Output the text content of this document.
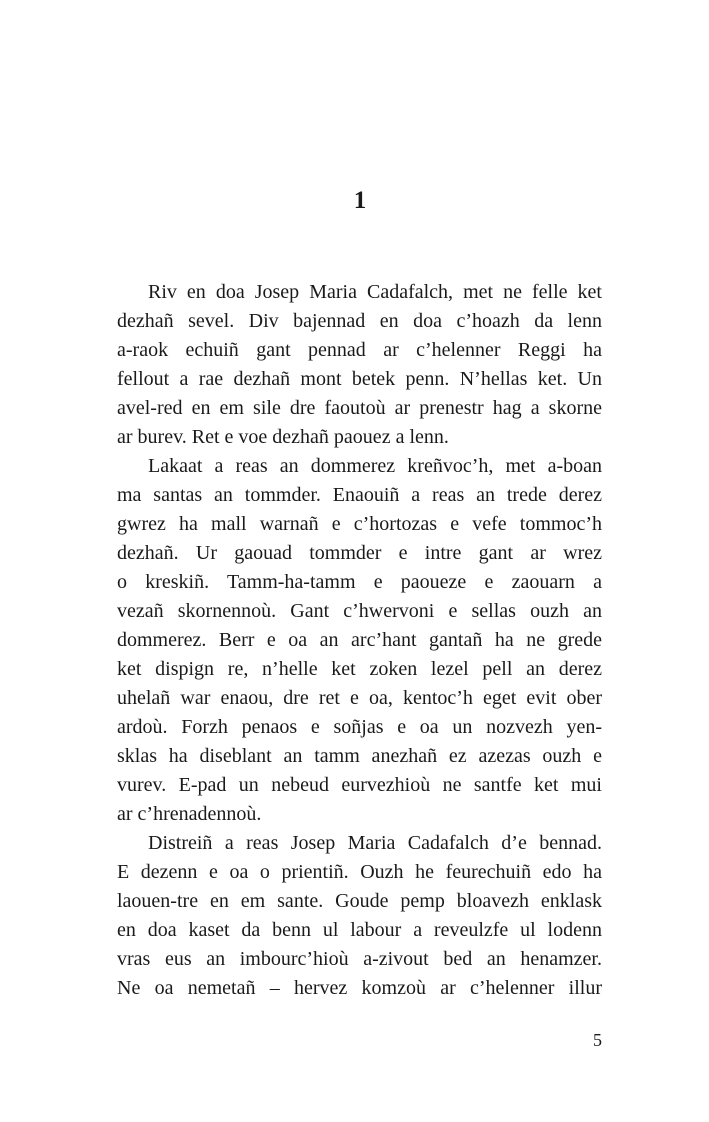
1

Riv en doa Josep Maria Cadafalch, met ne felle ket
dezhañ sevel. Div bajennad en doa c’hoazh da lenn
a-raok echuiñ gant pennad ar c’helenner Reggi ha
fellout a rae dezhañ mont betek penn. N’hellas ket. Un
avel-red en em sile dre faoutoù ar prenestr hag a skorne
ar burev. Ret e voe dezhañ paouez a lenn.

Lakaat a reas an dommerez kreñvoc’h, met a-boan
ma santas an tommder. Enaouiñ a reas an trede derez
gwrez ha mall warnañ e c’hortozas e vefe tommoc’h
dezhañ. Ur gaouad tommder e intre gant ar wrez
o kreskiñ. Tamm-ha-tamm e paoueze e zaouarn a
vezañ skornennoù. Gant c’hwervoni e sellas ouzh an
dommerez. Berr e oa an arc’hant gantañ ha ne grede
ket dispign re, n’helle ket zoken lezel pell an derez
uhelañ war enaou, dre ret e oa, kentoc’h eget evit ober
ardoù. Forzh penaos e soñjas e oa un nozvezh yen-
sklas ha diseblant an tamm anezhañ ez azezas ouzh e
vurev. E-pad un nebeud eurvezhioù ne santfe ket mui
ar c’hrenadennoù.

Distreiñ a reas Josep Maria Cadafalch d’e bennad.
E dezenn e oa o prientiñ. Ouzh he feurechuiñ edo ha
laouen-tre en em sante. Goude pemp bloavezh enklask
en doa kaset da benn ul labour a reveulzfe ul lodenn
vras eus an imbourc’hioù a-zivout bed an henamzer.
Ne oa nemetañ – hervez komzoù ar c’helenner illur

5
